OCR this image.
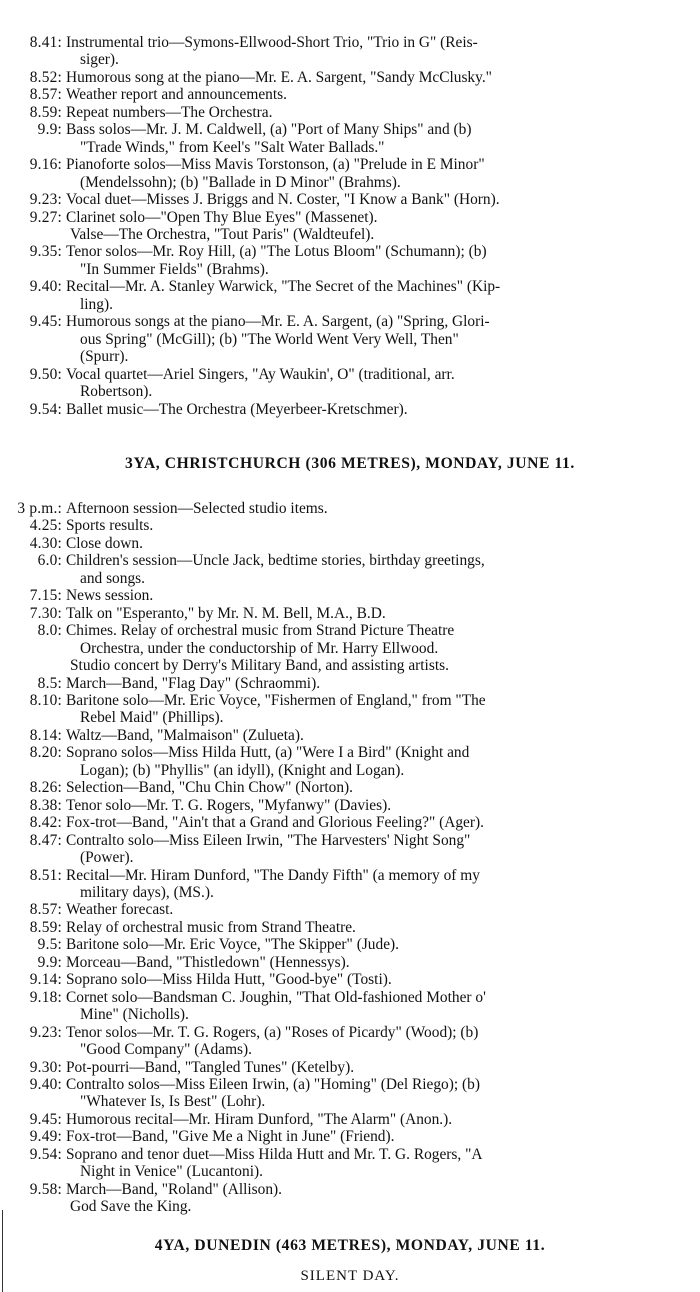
8.41: Instrumental trio—Symons-Ellwood-Short Trio, "Trio in G" (Reis-
siger).
8.52: Humorous song at the piano—Mr. E. A. Sargent, "Sandy McClusky."
8.57: Weather report and announcements.
8.59: Repeat numbers—The Orchestra.
9.9: Bass solos—Mr. J. M. Caldwell, (a) "Port of Many Ships" and (b)
"Trade Winds," from Keel's "Salt Water Ballads."
9.16: Pianoforte solos—Miss Mavis Torstonson, (a) "Prelude in E Minor"
(Mendelssohn); (b) "Ballade in D Minor" (Brahms).
9.23: Vocal duet—Misses J. Briggs and N. Coster, "I Know a Bank" (Horn).
9.27: Clarinet solo—"Open Thy Blue Eyes" (Massenet).
Valse—The Orchestra, "Tout Paris" (Waldteufel).
9.35: Tenor solos—Mr. Roy Hill, (a) "The Lotus Bloom" (Schumann); (b)
"In Summer Fields" (Brahms).
9.40: Recital—Mr. A. Stanley Warwick, "The Secret of the Machines" (Kip-
ling).
9.45: Humorous songs at the piano—Mr. E. A. Sargent, (a) "Spring, Glori-
ous Spring" (McGill); (b) "The World Went Very Well, Then"
(Spurr).
9.50: Vocal quartet—Ariel Singers, "Ay Waukin', O" (traditional, arr.
Robertson).
9.54: Ballet music—The Orchestra (Meyerbeer-Kretschmer).
3YA, CHRISTCHURCH (306 METRES), MONDAY, JUNE 11.
3 p.m.: Afternoon session—Selected studio items.
4.25: Sports results.
4.30: Close down.
6.0: Children's session—Uncle Jack, bedtime stories, birthday greetings,
and songs.
7.15: News session.
7.30: Talk on "Esperanto," by Mr. N. M. Bell, M.A., B.D.
8.0: Chimes. Relay of orchestral music from Strand Picture Theatre
Orchestra, under the conductorship of Mr. Harry Ellwood.
Studio concert by Derry's Military Band, and assisting artists.
8.5: March—Band, "Flag Day" (Schraommi).
8.10: Baritone solo—Mr. Eric Voyce, "Fishermen of England," from "The
Rebel Maid" (Phillips).
8.14: Waltz—Band, "Malmaison" (Zulueta).
8.20: Soprano solos—Miss Hilda Hutt, (a) "Were I a Bird" (Knight and
Logan); (b) "Phyllis" (an idyll), (Knight and Logan).
8.26: Selection—Band, "Chu Chin Chow" (Norton).
8.38: Tenor solo—Mr. T. G. Rogers, "Myfanwy" (Davies).
8.42: Fox-trot—Band, "Ain't that a Grand and Glorious Feeling?" (Ager).
8.47: Contralto solo—Miss Eileen Irwin, "The Harvesters' Night Song"
(Power).
8.51: Recital—Mr. Hiram Dunford, "The Dandy Fifth" (a memory of my
military days), (MS.).
8.57: Weather forecast.
8.59: Relay of orchestral music from Strand Theatre.
9.5: Baritone solo—Mr. Eric Voyce, "The Skipper" (Jude).
9.9: Morceau—Band, "Thistledown" (Hennessys).
9.14: Soprano solo—Miss Hilda Hutt, "Good-bye" (Tosti).
9.18: Cornet solo—Bandsman C. Joughin, "That Old-fashioned Mother o'
Mine" (Nicholls).
9.23: Tenor solos—Mr. T. G. Rogers, (a) "Roses of Picardy" (Wood); (b)
"Good Company" (Adams).
9.30: Pot-pourri—Band, "Tangled Tunes" (Ketelby).
9.40: Contralto solos—Miss Eileen Irwin, (a) "Homing" (Del Riego); (b)
"Whatever Is, Is Best" (Lohr).
9.45: Humorous recital—Mr. Hiram Dunford, "The Alarm" (Anon.).
9.49: Fox-trot—Band, "Give Me a Night in June" (Friend).
9.54: Soprano and tenor duet—Miss Hilda Hutt and Mr. T. G. Rogers, "A
Night in Venice" (Lucantoni).
9.58: March—Band, "Roland" (Allison).
God Save the King.
4YA, DUNEDIN (463 METRES), MONDAY, JUNE 11.
SILENT DAY.
